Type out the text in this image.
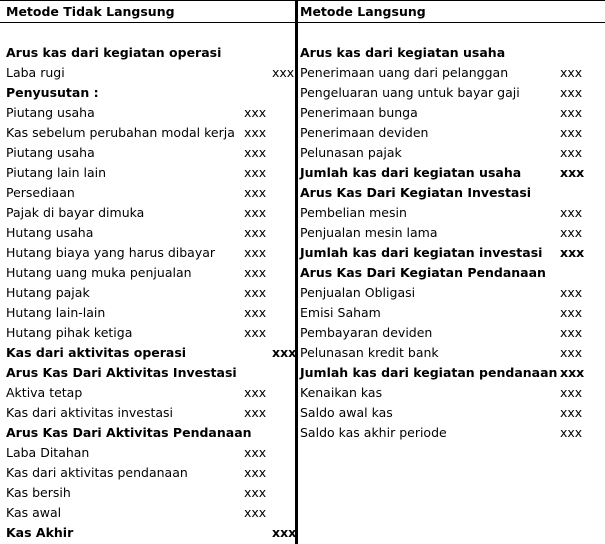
Metode Tidak Langsung
Arus kas dari kegiatan operasi
Laba rugi	xxx
Penyusutan :
Piutang usaha	xxx
Kas sebelum perubahan modal kerja xxx
Piutang usaha	xxx
Piutang lain lain	xxx
Persediaan	xxx
Pajak di bayar dimuka	xxx
Hutang usaha	xxx
Hutang biaya yang harus dibayar xxx
Hutang uang muka penjualan	xxx
Hutang pajak	xxx
Hutang lain-lain	xxx
Hutang pihak ketiga	xxx
Kas dari aktivitas operasi	xxx
Arus Kas Dari Aktivitas Investasi
Aktiva tetap	xxx
Kas dari aktivitas investasi	xxx
Arus Kas Dari Aktivitas Pendanaan
Laba Ditahan	xxx
Kas dari aktivitas pendanaan	xxx
Kas bersih	xxx
Kas awal	xxx
Kas Akhir	xxx
Metode Langsung
Arus kas dari kegiatan usaha
Penerimaan uang dari pelanggan	xxx
Pengeluaran uang untuk bayar gaji	xxx
Penerimaan bunga	xxx
Penerimaan deviden	xxx
Pelunasan pajak	xxx
Jumlah kas dari kegiatan usaha	xxx
Arus Kas Dari Kegiatan Investasi
Pembelian mesin	xxx
Penjualan mesin lama	xxx
Jumlah kas dari kegiatan investasi xxx
Arus Kas Dari Kegiatan Pendanaan
Penjualan Obligasi	xxx
Emisi Saham	xxx
Pembayaran deviden	xxx
Pelunasan kredit bank	xxx
Jumlah kas dari kegiatan pendanaan xxx
Kenaikan kas	xxx
Saldo awal kas	xxx
Saldo kas akhir periode	xxx
